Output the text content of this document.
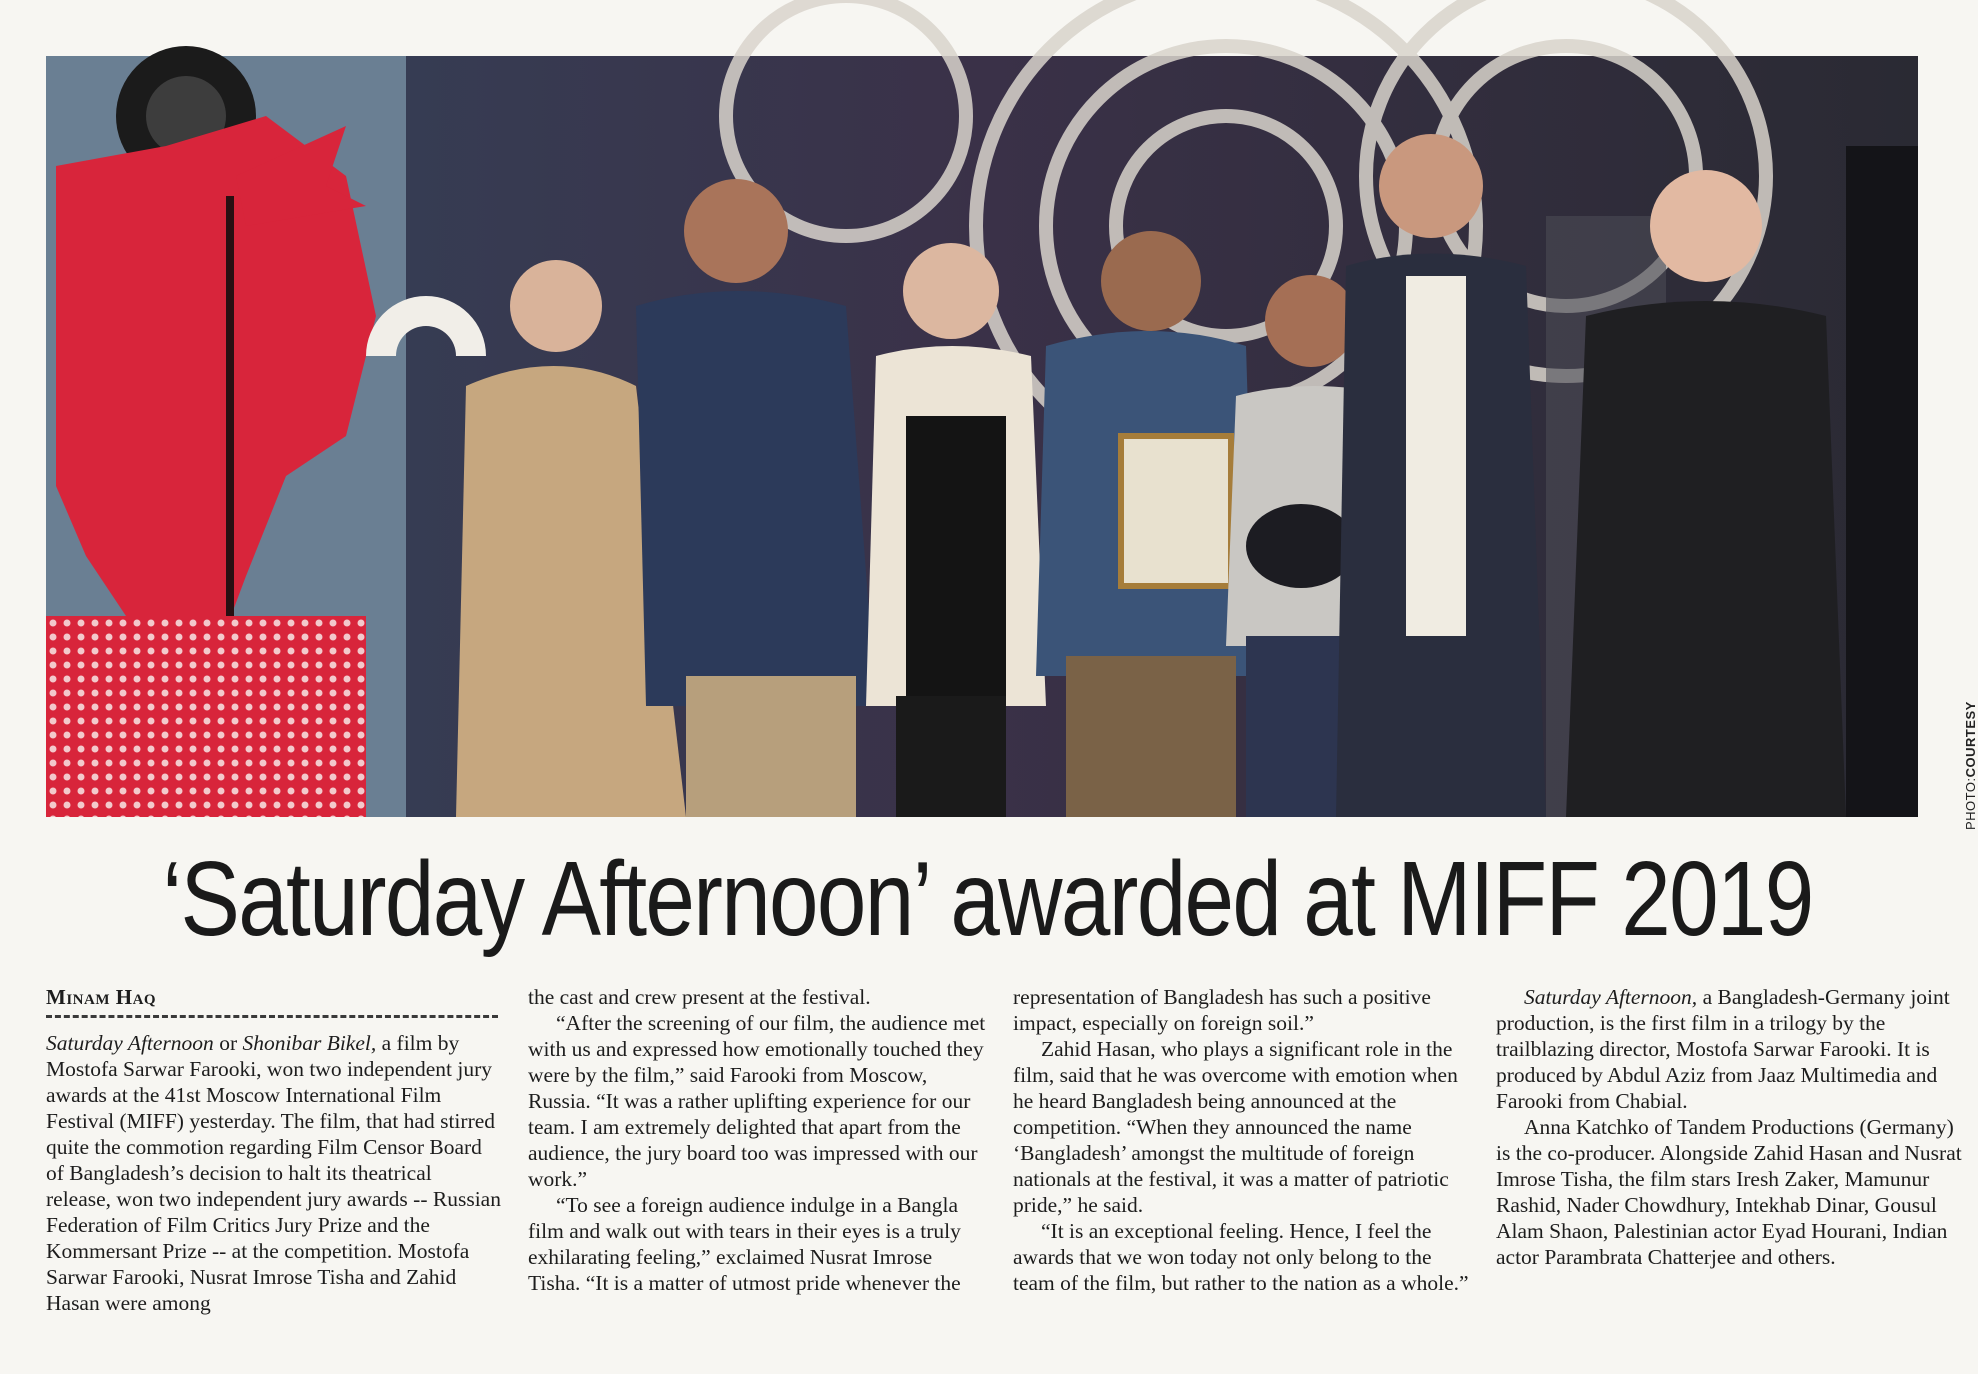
PHOTO:COURTESY
‘Saturday Afternoon’ awarded at MIFF 2019
Minam Haq

Saturday Afternoon or Shonibar Bikel, a film by Mostofa Sarwar Farooki, won two independent jury awards at the 41st Moscow International Film Festival (MIFF) yesterday. The film, that had stirred quite the commotion regarding Film Censor Board of Bangladesh’s decision to halt its theatrical release, won two independent jury awards -- Russian Federation of Film Critics Jury Prize and the Kommersant Prize -- at the competition. Mostofa Sarwar Farooki, Nusrat Imrose Tisha and Zahid Hasan were among

the cast and crew present at the festival.

“After the screening of our film, the audience met with us and expressed how emotionally touched they were by the film,” said Farooki from Moscow, Russia. “It was a rather uplifting experience for our team. I am extremely delighted that apart from the audience, the jury board too was impressed with our work.”

“To see a foreign audience indulge in a Bangla film and walk out with tears in their eyes is a truly exhilarating feeling,” exclaimed Nusrat Imrose Tisha. “It is a matter of utmost pride whenever the

representation of Bangladesh has such a positive impact, especially on foreign soil.”

Zahid Hasan, who plays a significant role in the film, said that he was overcome with emotion when he heard Bangladesh being announced at the competition. “When they announced the name ‘Bangladesh’ amongst the multitude of foreign nationals at the festival, it was a matter of patriotic pride,” he said.

“It is an exceptional feeling. Hence, I feel the awards that we won today not only belong to the team of the film, but rather to the nation as a whole.”

Saturday Afternoon, a Bangladesh-Germany joint production, is the first film in a trilogy by the trailblazing director, Mostofa Sarwar Farooki. It is produced by Abdul Aziz from Jaaz Multimedia and Farooki from Chabial.

Anna Katchko of Tandem Productions (Germany) is the co-producer. Alongside Zahid Hasan and Nusrat Imrose Tisha, the film stars Iresh Zaker, Mamunur Rashid, Nader Chowdhury, Intekhab Dinar, Gousul Alam Shaon, Palestinian actor Eyad Hourani, Indian actor Parambrata Chatterjee and others.
